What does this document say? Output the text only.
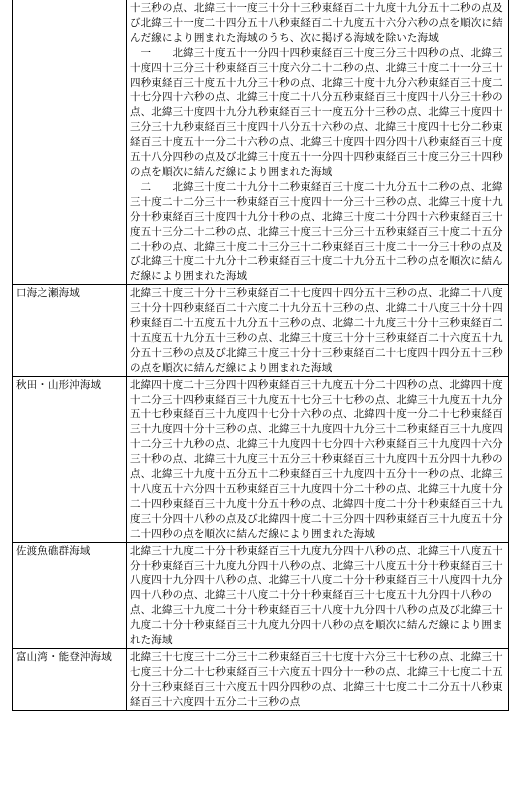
	十三秒の点、北緯三十一度三十分十三秒東経百二十九度十九分五十二秒の点及び北緯三十一度二十四分五十八秒東経百二十九度五十六分六秒の点を順次に結んだ線により囲まれた海域のうち、次に掲げる海域を除いた海域

一　　北緯三十度五十一分四十四秒東経百三十度三分三十四秒の点、北緯三十度四十三分三十秒東経百三十度六分二十二秒の点、北緯三十度二十一分三十四秒東経百三十度五十九分三十秒の点、北緯三十度十九分六秒東経百三十度二十七分四十六秒の点、北緯三十度二十八分五秒東経百三十度四十八分三十秒の点、北緯三十度四十九分九秒東経百三十一度五分十三秒の点、北緯三十度四十三分三十九秒東経百三十度四十八分五十六秒の点、北緯三十度四十七分二秒東経百三十度五十一分二十六秒の点、北緯三十度四十四分四十八秒東経百三十度五十八分四秒の点及び北緯三十度五十一分四十四秒東経百三十度三分三十四秒の点を順次に結んだ線により囲まれた海域

二　　北緯三十度二十九分十二秒東経百三十度二十九分五十二秒の点、北緯三十度二十二分三十一秒東経百三十度四十一分三十三秒の点、北緯三十度十九分十秒東経百三十度四十九分十秒の点、北緯三十度二十分四十六秒東経百三十度五十三分二十二秒の点、北緯三十度三十三分三十五秒東経百三十度二十五分二十秒の点、北緯三十度二十三分三十二秒東経百三十度二十一分三十秒の点及び北緯三十度二十九分十二秒東経百三十度二十九分五十二秒の点を順次に結んだ線により囲まれた海域

口海之瀬海域	北緯三十度三十分十三秒東経百二十七度四十四分五十三秒の点、北緯二十八度三十分十四秒東経百二十六度二十九分五十三秒の点、北緯二十八度三十分十四秒東経百二十五度五十九分五十三秒の点、北緯二十九度三十分十三秒東経百二十五度五十九分五十三秒の点、北緯三十度三十分十三秒東経百二十六度五十九分五十三秒の点及び北緯三十度三十分十三秒東経百二十七度四十四分五十三秒の点を順次に結んだ線により囲まれた海域
秋田・山形沖海域	北緯四十度二十三分四十四秒東経百三十九度五十分二十四秒の点、北緯四十度十二分三十四秒東経百三十九度五十七分三十七秒の点、北緯三十九度五十九分五十七秒東経百三十九度四十七分十六秒の点、北緯四十度一分二十七秒東経百三十九度四十分十三秒の点、北緯三十九度四十九分三十二秒東経百三十九度四十二分三十九秒の点、北緯三十九度四十七分四十六秒東経百三十九度四十六分三十秒の点、北緯三十九度三十五分三十秒東経百三十九度四十五分四十九秒の点、北緯三十九度十五分五十二秒東経百三十九度四十五分十一秒の点、北緯三十八度五十六分四十五秒東経百三十九度四十分二十秒の点、北緯三十九度十分二十四秒東経百三十九度十分五十秒の点、北緯四十度二十分十秒東経百三十九度三十分四十八秒の点及び北緯四十度二十三分四十四秒東経百三十九度五十分二十四秒の点を順次に結んだ線により囲まれた海域
佐渡魚礁群海域	北緯三十九度二十分十秒東経百三十九度九分四十八秒の点、北緯三十八度五十分十秒東経百三十九度九分四十八秒の点、北緯三十八度五十分十秒東経百三十八度四十九分四十八秒の点、北緯三十八度二十分十秒東経百三十八度四十九分四十八秒の点、北緯三十八度二十分十秒東経百三十七度五十九分四十八秒の点、北緯三十九度二十分十秒東経百三十八度十九分四十八秒の点及び北緯三十九度二十分十秒東経百三十九度九分四十八秒の点を順次に結んだ線により囲まれた海域
富山湾・能登沖海域	北緯三十七度三十二分三十二秒東経百三十七度十六分三十七秒の点、北緯三十七度三十分二十七秒東経百三十六度五十四分十一秒の点、北緯三十七度二十五分十三秒東経百三十六度五十四分四秒の点、北緯三十七度二十二分五十八秒東経百三十六度四十五分二十三秒の点
